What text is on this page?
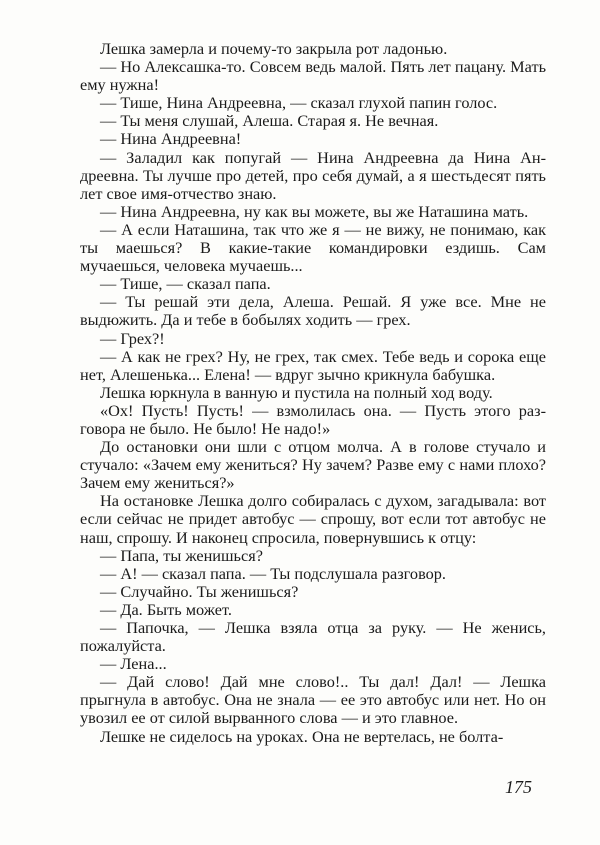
Лешка замерла и почему-то закрыла рот ладонью.

— Но Алексашка-то. Совсем ведь малой. Пять лет пацану. Мать ему нужна!

— Тише, Нина Андреевна, — сказал глухой папин голос.

— Ты меня слушай, Алеша. Старая я. Не вечная.

— Нина Андреевна!

— Заладил как попугай — Нина Андреевна да Нина Андреевна. Ты лучше про детей, про себя думай, а я шестьдесят пять лет свое имя-отчество знаю.

— Нина Андреевна, ну как вы можете, вы же Наташина мать.

— А если Наташина, так что же я — не вижу, не понимаю, как ты маешься? В какие-такие командировки ездишь. Сам мучаешься, человека мучаешь...

— Тише, — сказал папа.

— Ты решай эти дела, Алеша. Решай. Я уже все. Мне не выдюжить. Да и тебе в бобылях ходить — грех.

— Грех?!

— А как не грех? Ну, не грех, так смех. Тебе ведь и сорока еще нет, Алешенька... Елена! — вдруг зычно крикнула бабушка.

Лешка юркнула в ванную и пустила на полный ход воду.

«Ох! Пусть! Пусть! — взмолилась она. — Пусть этого разговора не было. Не было! Не надо!»

До остановки они шли с отцом молча. А в голове стучало и стучало: «Зачем ему жениться? Ну зачем? Разве ему с нами плохо? Зачем ему жениться?»

На остановке Лешка долго собиралась с духом, загадывала: вот если сейчас не придет автобус — спрошу, вот если тот автобус не наш, спрошу. И наконец спросила, повернувшись к отцу:

— Папа, ты женишься?

— А! — сказал папа. — Ты подслушала разговор.

— Случайно. Ты женишься?

— Да. Быть может.

— Папочка, — Лешка взяла отца за руку. — Не женись, пожалуйста.

— Лена...

— Дай слово! Дай мне слово!.. Ты дал! Дал! — Лешка прыгнула в автобус. Она не знала — ее это автобус или нет. Но он увозил ее от силой вырванного слова — и это главное.

Лешке не сиделось на уроках. Она не вертелась, не болта-

175
